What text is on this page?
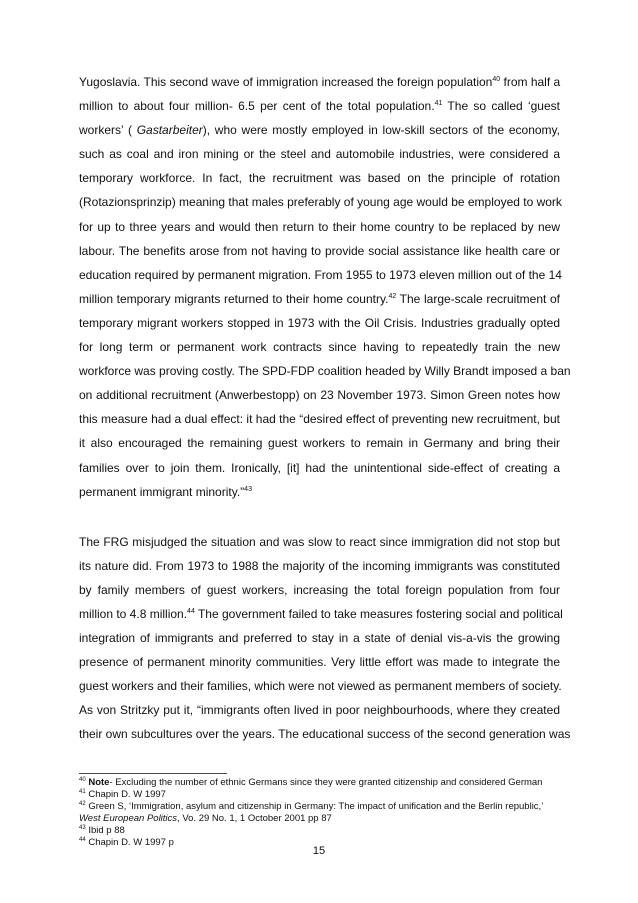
Yugoslavia. This second wave of immigration increased the foreign population$^{40}$ from half a
million to about four million- 6.5 per cent of the total population.$^{41}$ The so called ‘guest
workers’ ( Gastarbeiter), who were mostly employed in low-skill sectors of the economy,
such as coal and iron mining or the steel and automobile industries, were considered a
temporary workforce. In fact, the recruitment was based on the principle of rotation
(Rotazionsprinzip) meaning that males preferably of young age would be employed to work
for up to three years and would then return to their home country to be replaced by new
labour. The benefits arose from not having to provide social assistance like health care or
education required by permanent migration. From 1955 to 1973 eleven million out of the 14
million temporary migrants returned to their home country.$^{42}$ The large-scale recruitment of
temporary migrant workers stopped in 1973 with the Oil Crisis. Industries gradually opted
for long term or permanent work contracts since having to repeatedly train the new
workforce was proving costly. The SPD-FDP coalition headed by Willy Brandt imposed a ban
on additional recruitment (Anwerbestopp) on 23 November 1973. Simon Green notes how
this measure had a dual effect: it had the “desired effect of preventing new recruitment, but
it also encouraged the remaining guest workers to remain in Germany and bring their
families over to join them. Ironically, [it] had the unintentional side-effect of creating a
permanent immigrant minority.”$^{43}$
The FRG misjudged the situation and was slow to react since immigration did not stop but
its nature did. From 1973 to 1988 the majority of the incoming immigrants was constituted
by family members of guest workers, increasing the total foreign population from four
million to 4.8 million.$^{44}$ The government failed to take measures fostering social and political
integration of immigrants and preferred to stay in a state of denial vis-a-vis the growing
presence of permanent minority communities. Very little effort was made to integrate the
guest workers and their families, which were not viewed as permanent members of society.
As von Stritzky put it, “immigrants often lived in poor neighbourhoods, where they created
their own subcultures over the years. The educational success of the second generation was
$^{40}$ Note- Excluding the number of ethnic Germans since they were granted citizenship and considered German
$^{41}$ Chapin D. W 1997
$^{42}$ Green S, ‘Immigration, asylum and citizenship in Germany: The impact of unification and the Berlin republic,’
West European Politics, Vo. 29 No. 1, 1 October 2001 pp 87
$^{43}$ Ibid p 88
$^{44}$ Chapin D. W 1997 p
15
